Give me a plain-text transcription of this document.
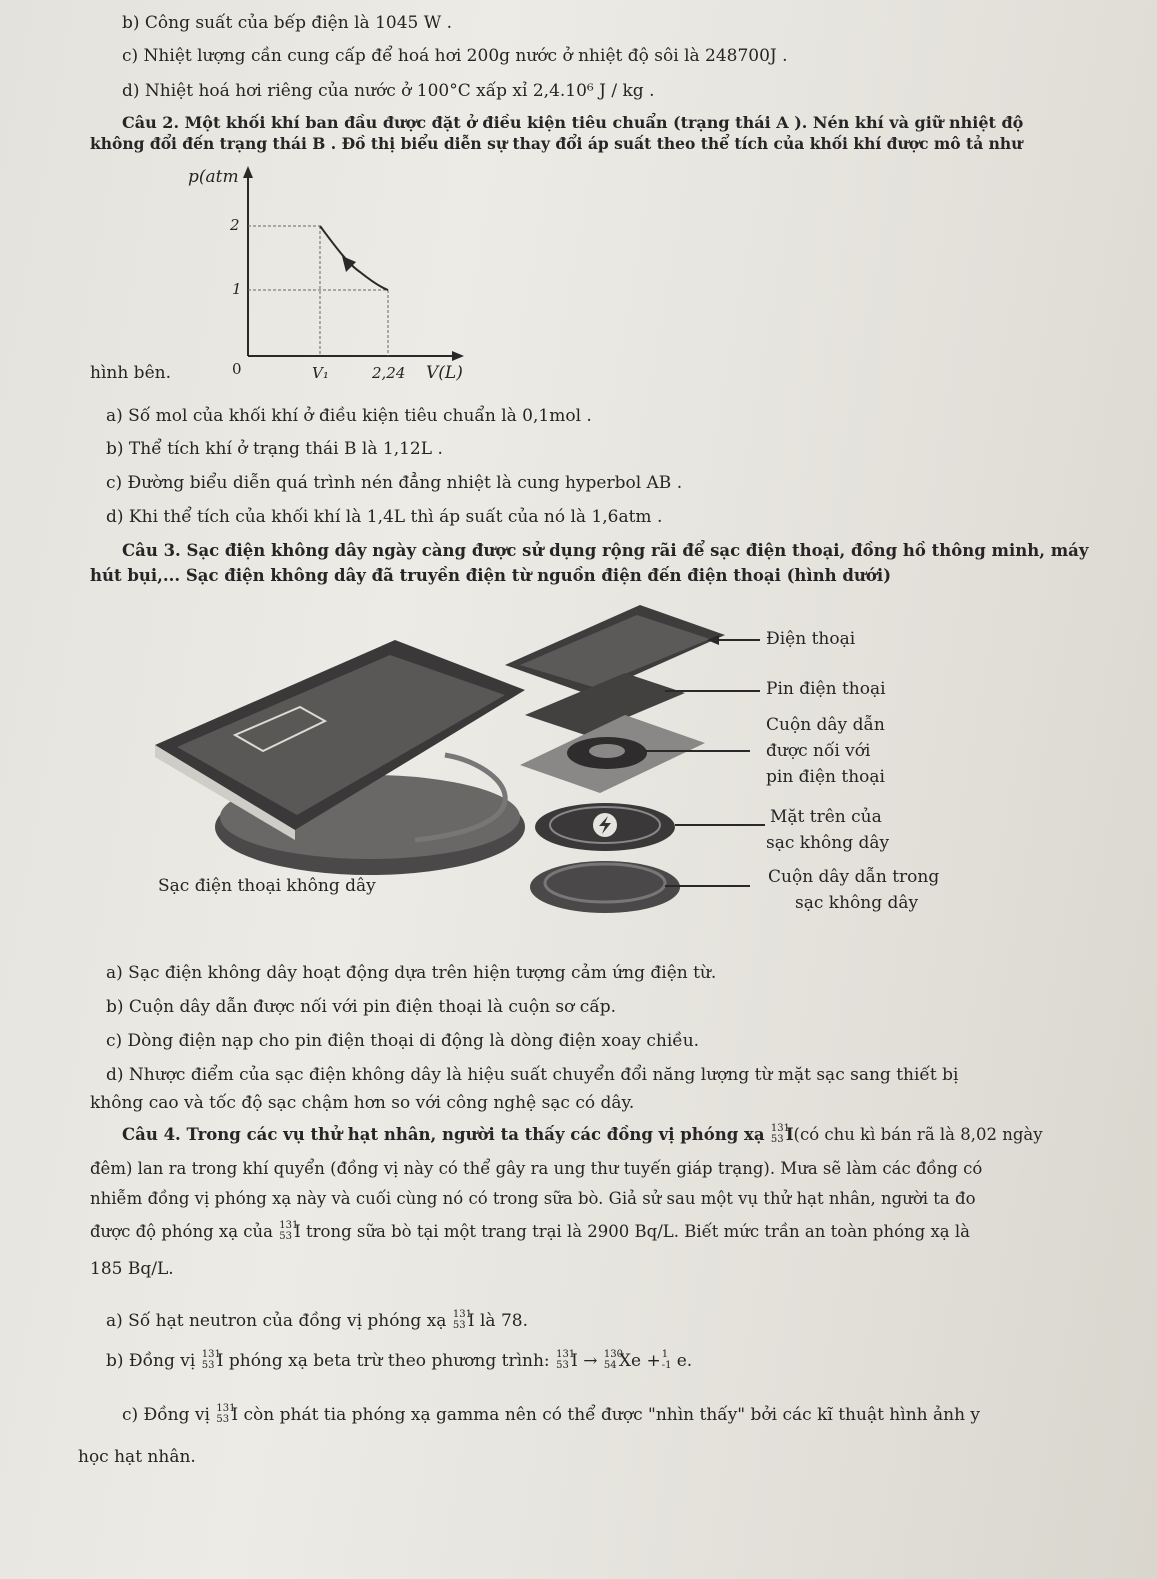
b) Công suất của bếp điện là 1045 W .
c) Nhiệt lượng cần cung cấp để hoá hơi 200g nước ở nhiệt độ sôi là 248700J .
d) Nhiệt hoá hơi riêng của nước ở 100°C xấp xỉ 2,4.10⁶ J / kg .
Câu 2. Một khối khí ban đầu được đặt ở điều kiện tiêu chuẩn (trạng thái A ). Nén khí và giữ nhiệt độ
không đổi đến trạng thái B . Đồ thị biểu diễn sự thay đổi áp suất theo thể tích của khối khí được mô tả như
p(atm
2
1
0	V₁	2,24 V(L)
hình bên.
a) Số mol của khối khí ở điều kiện tiêu chuẩn là 0,1mol .
b) Thể tích khí ở trạng thái B là 1,12L .
c) Đường biểu diễn quá trình nén đẳng nhiệt là cung hyperbol AB .
d) Khi thể tích của khối khí là 1,4L thì áp suất của nó là 1,6atm .
Câu 3. Sạc điện không dây ngày càng được sử dụng rộng rãi để sạc điện thoại, đồng hồ thông minh, máy
hút bụi,... Sạc điện không dây đã truyền điện từ nguồn điện đến điện thoại (hình dưới)
Điện thoại
Pin điện thoại
Cuộn dây dẫn
được nối với
pin điện thoại
Mặt trên của
sạc không dây
Cuộn dây dẫn trong
sạc không dây
Sạc điện thoại không dây
a) Sạc điện không dây hoạt động dựa trên hiện tượng cảm ứng điện từ.
b) Cuộn dây dẫn được nối với pin điện thoại là cuộn sơ cấp.
c) Dòng điện nạp cho pin điện thoại di động là dòng điện xoay chiều.
d) Nhược điểm của sạc điện không dây là hiệu suất chuyển đổi năng lượng từ mặt sạc sang thiết bị
không cao và tốc độ sạc chậm hơn so với công nghệ sạc có dây.
Câu 4. Trong các vụ thử hạt nhân, người ta thấy các đồng vị phóng xạ 131
53 I(có chu kì bán rã là 8,02 ngày
đêm) lan ra trong khí quyển (đồng vị này có thể gây ra ung thư tuyến giáp trạng). Mưa sẽ làm các đồng có
nhiễm đồng vị phóng xạ này và cuối cùng nó có trong sữa bò. Giả sử sau một vụ thử hạt nhân, người ta đo
được độ phóng xạ của 131
53 I trong sữa bò tại một trang trại là 2900 Bq/L. Biết mức trần an toàn phóng xạ là
185 Bq/L.
a) Số hạt neutron của đồng vị phóng xạ 131
53 I là 78.
b) Đồng vị 131
53 I phóng xạ beta trừ theo phương trình: 131
53 I → 130
54 Xe + 1
-1 e.
c) Đồng vị 131
53 I còn phát tia phóng xạ gamma nên có thể được "nhìn thấy" bởi các kĩ thuật hình ảnh y
học hạt nhân.
